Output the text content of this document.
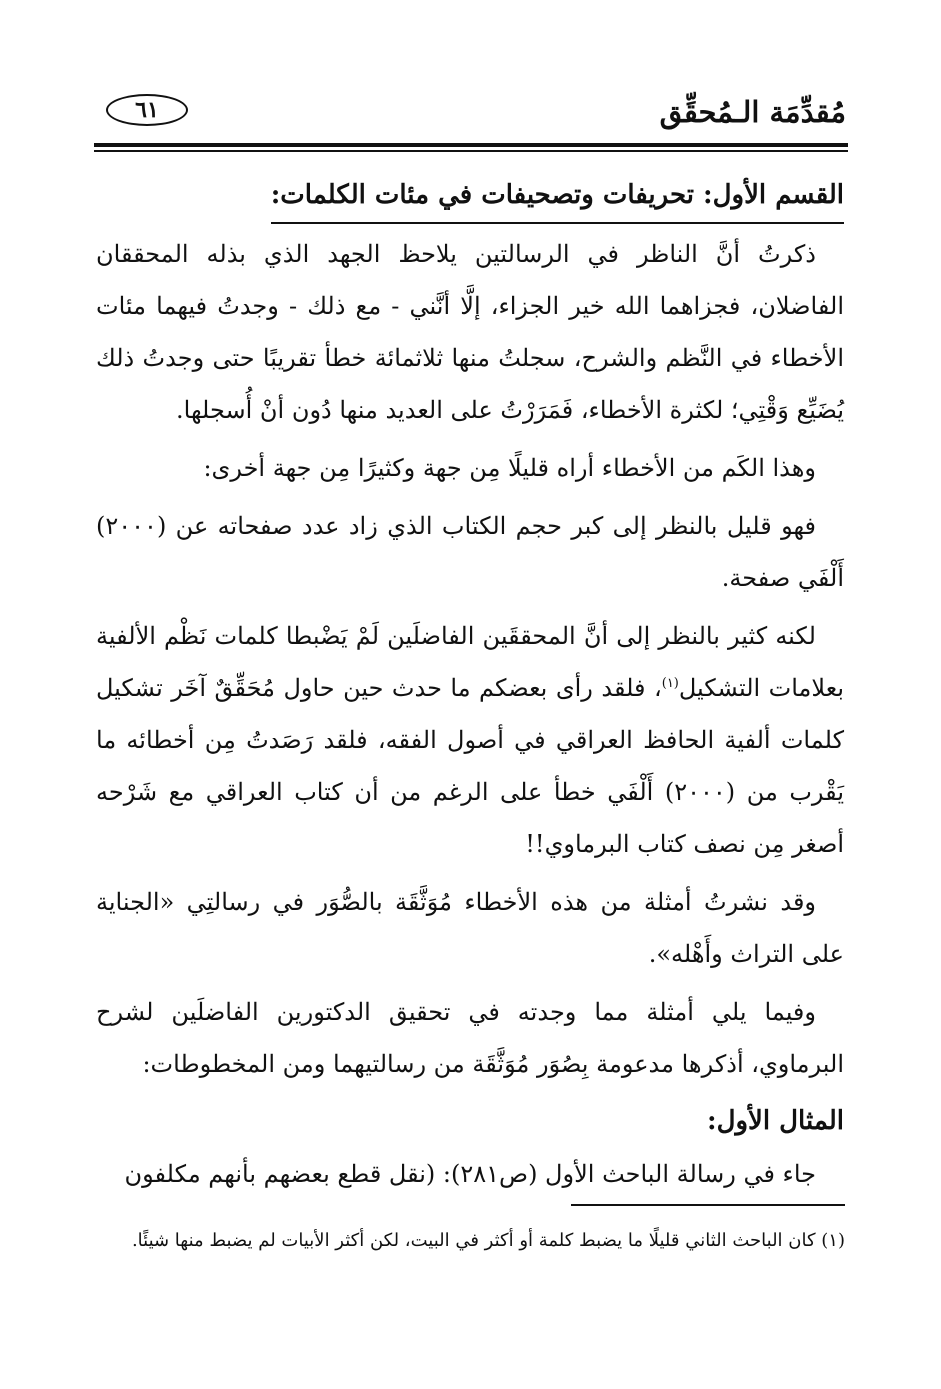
مُقدِّمَة الـمُحقِّق
٦١
القسم الأول: تحريفات وتصحيفات في مئات الكلمات:

ذكرتُ أنَّ الناظر في الرسالتين يلاحظ الجهد الذي بذله المحققان الفاضلان، فجزاهما الله خير الجزاء، إلَّا أنَّني - مع ذلك - وجدتُ فيهما مئات الأخطاء في النَّظم والشرح، سجلتُ منها ثلاثمائة خطأ تقريبًا حتى وجدتُ ذلك يُضَيِّع وَقْتِي؛ لكثرة الأخطاء، فَمَرَرْتُ على العديد منها دُون أنْ أُسجلها.

وهذا الكَم من الأخطاء أراه قليلًا مِن جهة وكثيرًا مِن جهة أخرى:

فهو قليل بالنظر إلى كبر حجم الكتاب الذي زاد عدد صفحاته عن (٢٠٠٠) أَلْفَي صفحة.

لكنه كثير بالنظر إلى أنَّ المحققَين الفاضلَين لَمْ يَضْبطا كلمات نَظْم الألفية بعلامات التشكيل$^{(١)}$، فلقد رأى بعضكم ما حدث حين حاول مُحَقِّقٌ آخَر تشكيل كلمات ألفية الحافظ العراقي في أصول الفقه، فلقد رَصَدتُ مِن أخطائه ما يَقْرب من (٢٠٠٠) أَلْفَي خطأ على الرغم من أن كتاب العراقي مع شَرْحه أصغر مِن نصف كتاب البرماوي!!

وقد نشرتُ أمثلة من هذه الأخطاء مُوَثَّقَة بالصُّوَر في رسالتِي «الجناية على التراث وأَهْله».

وفيما يلي أمثلة مما وجدته في تحقيق الدكتورين الفاضلَين لشرح البرماوي، أذكرها مدعومة بِصُوَر مُوَثَّقَة من رسالتيهما ومن المخطوطات:

المثال الأول:

جاء في رسالة الباحث الأول (ص٢٨١): (نقل قطع بعضهم بأنهم مكلفون

(١) كان الباحث الثاني قليلًا ما يضبط كلمة أو أكثر في البيت، لكن أكثر الأبيات لم يضبط منها شيئًا.
